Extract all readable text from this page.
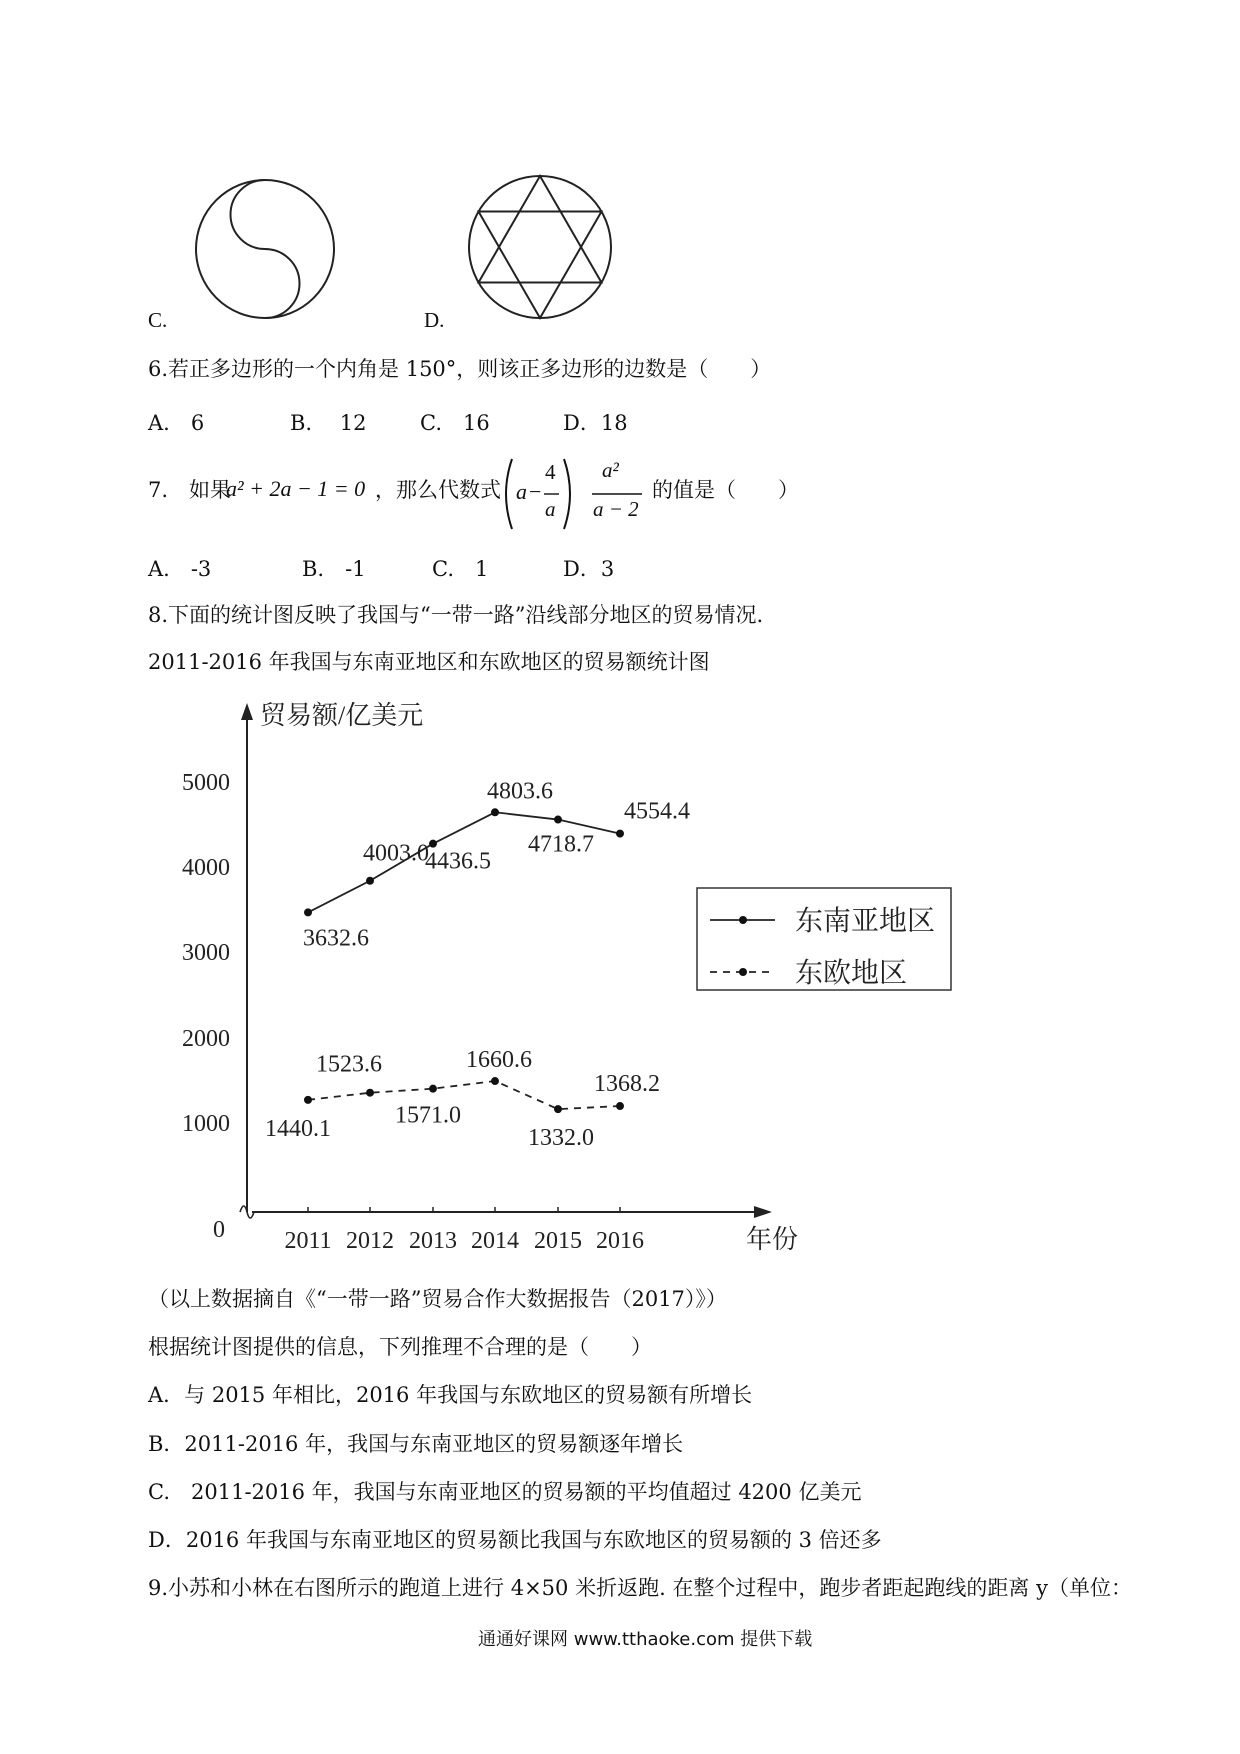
C.	D.
6.若正多边形的一个内角是 150°，则该正多边形的边数是（　　）
A.　6	B.　 12	C.　16	D．18
7.　如果
a² + 2a − 1 = 0 ，那么代数式 a −
4
a
a²
a − 2
的值是（　　）
A.　-3	B.　-1	C.　1	D．3
8.下面的统计图反映了我国与“一带一路”沿线部分地区的贸易情况.
2011-2016 年我国与东南亚地区和东欧地区的贸易额统计图
5000
4000
3000
2000
1000
0 2011 2012 2013 2014 2015 2016
贸易额/亿美元
年份
3632.6
4003.0
4436.5
4803.6
4718.7
4554.4
1440.1
1523.6
1571.0
1660.6
1332.0
1368.2
东南亚地区
东欧地区
（以上数据摘自《“一带一路”贸易合作大数据报告（2017）》）
根据统计图提供的信息，下列推理不合理的是（　　）
A．与 2015 年相比，2016 年我国与东欧地区的贸易额有所增长
B．2011-2016 年，我国与东南亚地区的贸易额逐年增长
C.　2011-2016 年，我国与东南亚地区的贸易额的平均值超过 4200 亿美元
D．2016 年我国与东南亚地区的贸易额比我国与东欧地区的贸易额的 3 倍还多
9.小苏和小林在右图所示的跑道上进行 4×50 米折返跑. 在整个过程中，跑步者距起跑线的距离 y（单位：
通通好课网 www.tthaoke.com 提供下载
